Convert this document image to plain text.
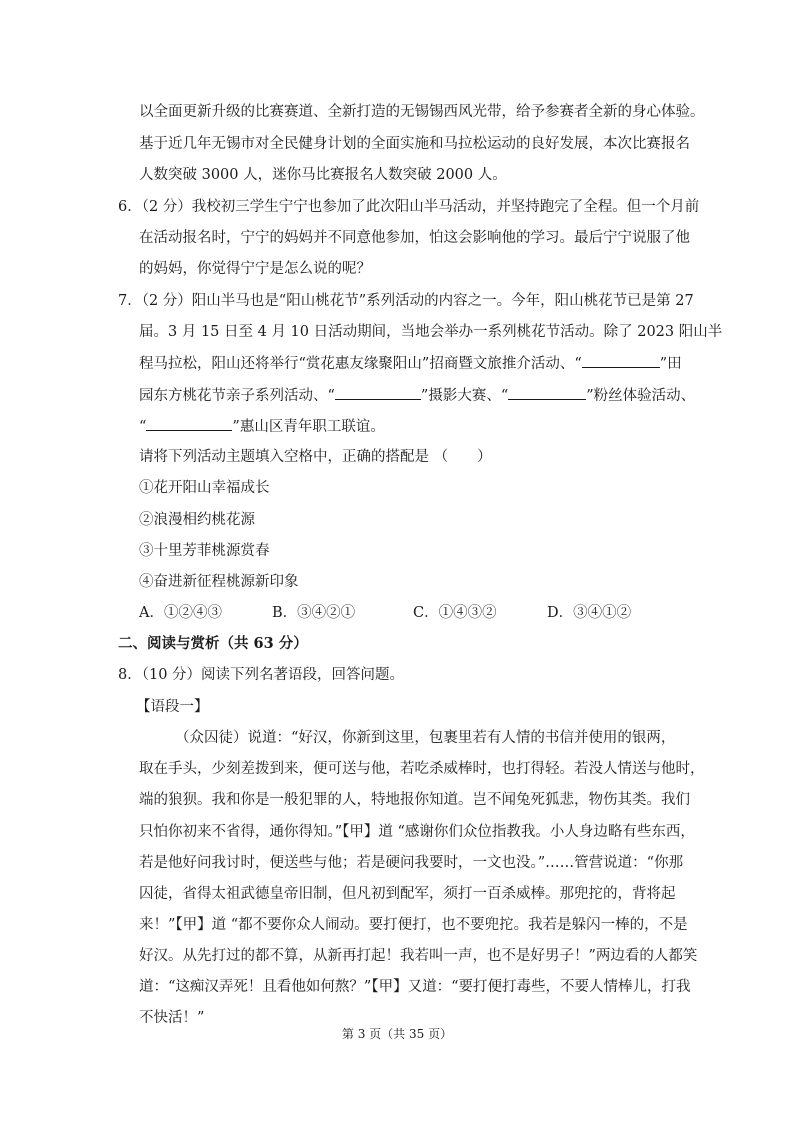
以全面更新升级的比赛赛道、全新打造的无锡锡西风光带，给予参赛者全新的身心体验。
基于近几年无锡市对全民健身计划的全面实施和马拉松运动的良好发展，本次比赛报名
人数突破 3000 人，迷你马比赛报名人数突破 2000 人。
6．（2 分）我校初三学生宁宁也参加了此次阳山半马活动，并坚持跑完了全程。但一个月前
在活动报名时，宁宁的妈妈并不同意他参加，怕这会影响他的学习。最后宁宁说服了他
的妈妈，你觉得宁宁是怎么说的呢？
7．（2 分）阳山半马也是“阳山桃花节”系列活动的内容之一。今年，阳山桃花节已是第 27
届。3 月 15 日至 4 月 10 日活动期间，当地会举办一系列桃花节活动。除了 2023 阳山半
程马拉松，阳山还将举行“赏花惠友缘聚阳山”招商暨文旅推介活动、“	”田
园东方桃花节亲子系列活动、“	”摄影大赛、“	”粉丝体验活动、
“	”惠山区青年职工联谊。
请将下列活动主题填入空格中，正确的搭配是 （　　）
①花开阳山幸福成长
②浪漫相约桃花源
③十里芳菲桃源赏春
④奋进新征程桃源新印象
A．①②④③	B．③④②①	C．①④③②	D．③④①②
二、阅读与赏析（共 63 分）
8．（10 分）阅读下列名著语段，回答问题。
【语段一】
（众囚徒）说道：“好汉，你新到这里，包裹里若有人情的书信并使用的银两，
取在手头，少刻差拨到来，便可送与他，若吃杀威棒时，也打得轻。若没人情送与他时，
端的狼狈。我和你是一般犯罪的人，特地报你知道。岂不闻兔死狐悲，物伤其类。我们
只怕你初来不省得，通你得知。”【甲】道 “感谢你们众位指教我。小人身边略有些东西，
若是他好问我讨时，便送些与他；若是硬问我要时，一文也没。”……管营说道：“你那
囚徒，省得太祖武德皇帝旧制，但凡初到配军，须打一百杀威棒。那兜拕的，背将起
来！”【甲】道 “都不要你众人闹动。要打便打，也不要兜拕。我若是躲闪一棒的，不是
好汉。从先打过的都不算，从新再打起！我若叫一声，也不是好男子！”两边看的人都笑
道：“这痴汉弄死！且看他如何熬？”【甲】又道：“要打便打毒些，不要人情棒儿，打我
不快活！”
第 3 页（共 35 页）
